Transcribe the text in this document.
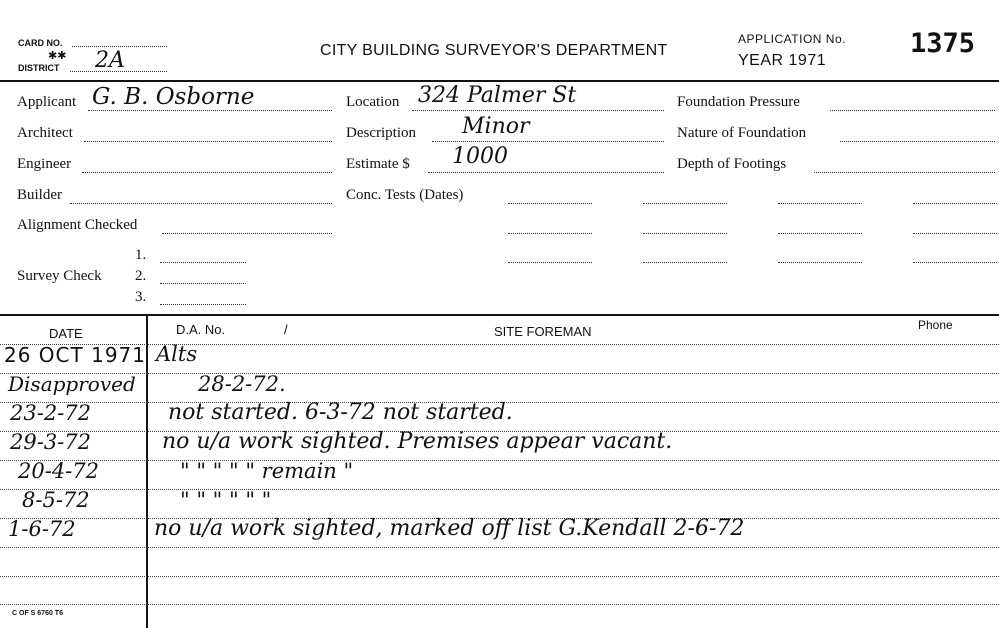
CARD NO.
✱✱
DISTRICT 2A	CITY BUILDING SURVEYOR'S DEPARTMENT
APPLICATION No.
YEAR 1971
1375
Applicant G. B. Osborne
Architect
Engineer
Builder
Alignment Checked
Survey Check
1.
2.
3.
Location 324 Palmer St
Description Minor
Estimate $ 1000
Conc. Tests (Dates)
Foundation Pressure
Nature of Foundation
Depth of Footings
DATE	D.A. No.	/	SITE FOREMAN	Phone
26 OCT 1971 Alts
Disapproved	28-2-72.
23-2-72	not started. 6-3-72 not started.
29-3-72	no u/a work sighted. Premises appear vacant.
20-4-72	" " " " " remain "
8-5-72	" " " " " "
1-6-72	no u/a work sighted, marked off list G.Kendall 2-6-72
C OF S 6760 T6
